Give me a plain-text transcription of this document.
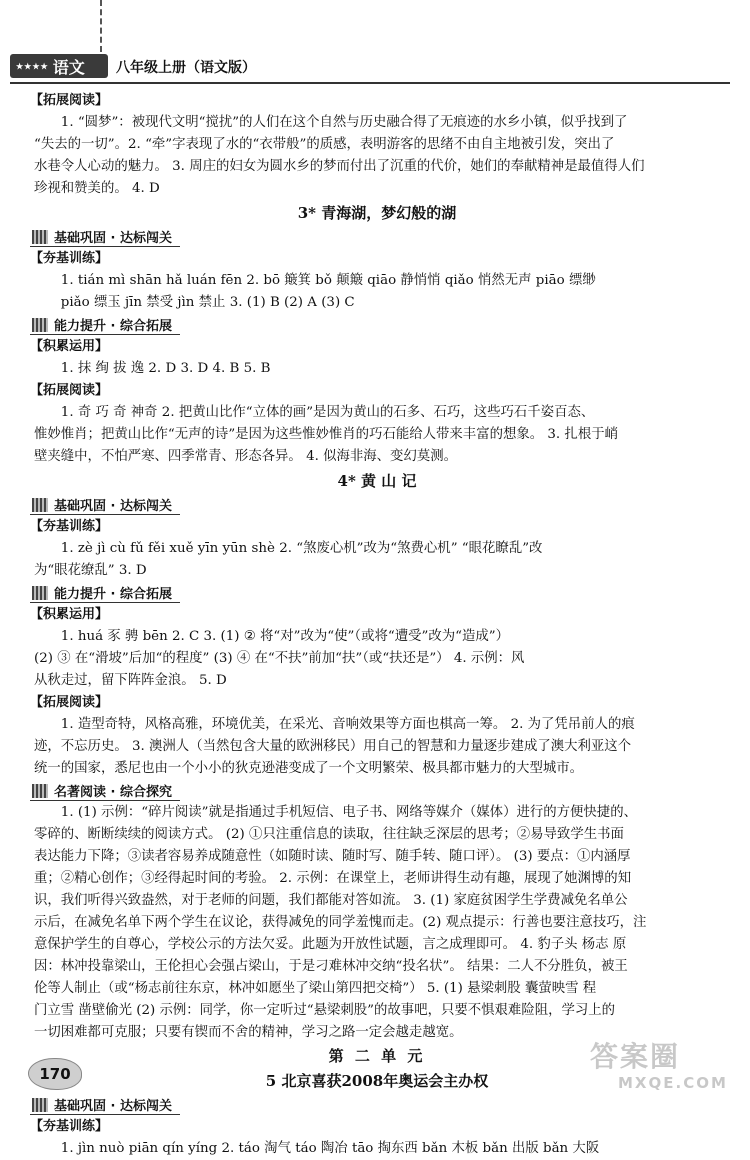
★★★★ 语文 八年级上册（语文版）
【拓展阅读】
1. “圆梦”：被现代文明“搅扰”的人们在这个自然与历史融合得了无痕迹的水乡小镇，似乎找到了
“失去的一切”。2. “牵”字表现了水的“衣带般”的质感，表明游客的思绪不由自主地被引发，突出了
水巷令人心动的魅力。 3. 周庄的妇女为圆水乡的梦而付出了沉重的代价，她们的奉献精神是最值得人们
珍视和赞美的。 4. D
3* 青海湖，梦幻般的湖
基础巩固 · 达标闯关
【夯基训练】
1. tián mì shān hǎ luán fēn 2. bō 簸箕 bǒ 颠簸 qiāo 静悄悄 qiǎo 悄然无声 piāo 缥缈
piǎo 缥玉 jīn 禁受 jìn 禁止 3. (1) B (2) A (3) C
能力提升 · 综合拓展
【积累运用】
1. 抹 绚 拔 逸 2. D 3. D 4. B 5. B
【拓展阅读】
1. 奇 巧 奇 神奇 2. 把黄山比作“立体的画”是因为黄山的石多、石巧，这些巧石千姿百态、
惟妙惟肖；把黄山比作“无声的诗”是因为这些惟妙惟肖的巧石能给人带来丰富的想象。 3. 扎根于峭
壁夹缝中，不怕严寒、四季常青、形态各异。 4. 似海非海、变幻莫测。
4* 黄 山 记
基础巩固 · 达标闯关
【夯基训练】
1. zè jì cù fǔ fěi xuě yīn yūn shè 2. “煞废心机”改为“煞费心机” “眼花瞭乱”改
为“眼花缭乱” 3. D
能力提升 · 综合拓展
【积累运用】
1. huá 豕 骋 bēn 2. C 3. (1) ② 将“对”改为“使”（或将“遭受”改为“造成”）
(2) ③ 在“滑坡”后加“的程度” (3) ④ 在“不扶”前加“扶”（或“扶还是”） 4. 示例：风
从秋走过，留下阵阵金浪。 5. D
【拓展阅读】
1. 造型奇特，风格高雅，环境优美，在采光、音响效果等方面也棋高一筹。 2. 为了凭吊前人的痕
迹，不忘历史。 3. 澳洲人（当然包含大量的欧洲移民）用自己的智慧和力量逐步建成了澳大利亚这个
统一的国家，悉尼也由一个小小的狄克逊港变成了一个文明繁荣、极具都市魅力的大型城市。
名著阅读 · 综合探究
1. (1) 示例：“碎片阅读”就是指通过手机短信、电子书、网络等媒介（媒体）进行的方便快捷的、
零碎的、断断续续的阅读方式。 (2) ①只注重信息的读取，往往缺乏深层的思考；②易导致学生书面
表达能力下降；③读者容易养成随意性（如随时读、随时写、随手转、随口评）。 (3) 要点：①内涵厚
重；②精心创作；③经得起时间的考验。 2. 示例：在课堂上，老师讲得生动有趣，展现了她渊博的知
识，我们听得兴致盎然，对于老师的问题，我们都能对答如流。 3. (1) 家庭贫困学生学费减免名单公
示后，在减免名单下两个学生在议论，获得减免的同学羞愧而走。(2) 观点提示：行善也要注意技巧，注
意保护学生的自尊心，学校公示的方法欠妥。此题为开放性试题，言之成理即可。 4. 豹子头 杨志 原
因：林冲投靠梁山，王伦担心会强占梁山，于是刁难林冲交纳“投名状”。 结果：二人不分胜负，被王
伦等人制止（或“杨志前往东京，林冲如愿坐了梁山第四把交椅”） 5. (1) 悬梁刺股 囊萤映雪 程
门立雪 凿壁偷光 (2) 示例：同学，你一定听过“悬梁刺股”的故事吧，只要不惧艰难险阻，学习上的
一切困难都可克服；只要有锲而不舍的精神，学习之路一定会越走越宽。
第 二 单 元
5 北京喜获2008年奥运会主办权
基础巩固 · 达标闯关
【夯基训练】
1. jìn nuò piān qín yíng 2. táo 淘气 táo 陶冶 tāo 掏东西 bǎn 木板 bǎn 出版 bǎn 大阪
170
答案圈
MXQE.COM
